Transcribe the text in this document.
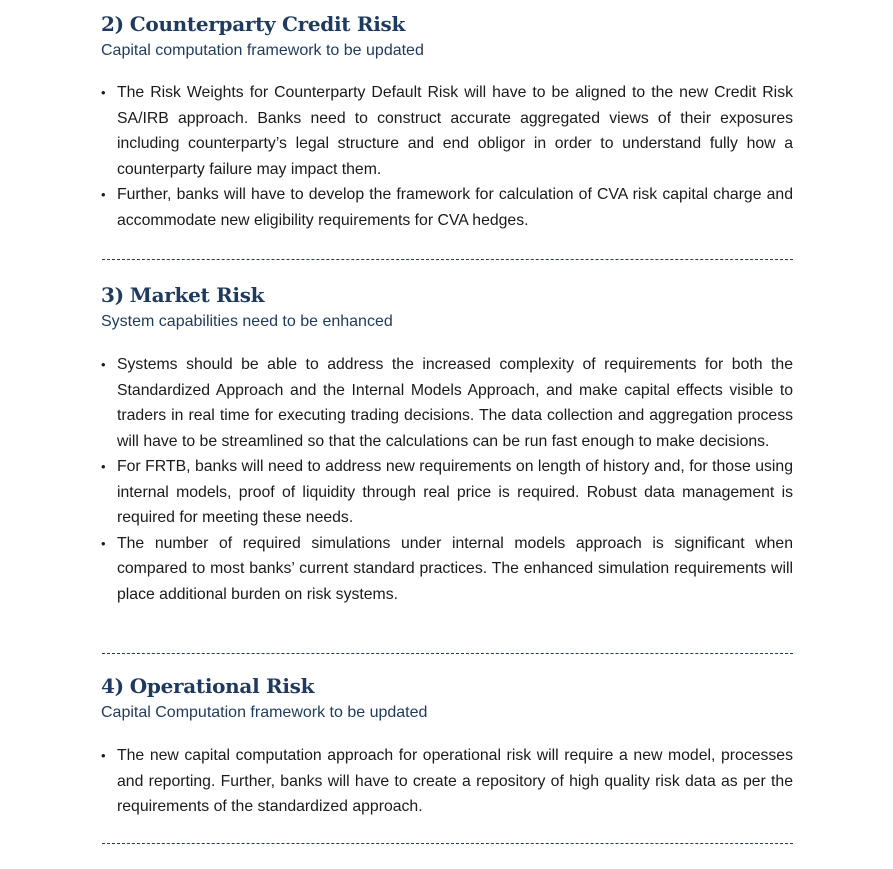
2) Counterparty Credit Risk

Capital computation framework to be updated

• The Risk Weights for Counterparty Default Risk will have to be aligned to the new Credit Risk SA/IRB approach. Banks need to construct accurate aggregated views of their exposures including counterparty’s legal structure and end obligor in order to understand fully how a counterparty failure may impact them.
• Further, banks will have to develop the framework for calculation of CVA risk capital charge and accommodate new eligibility requirements for CVA hedges.
3) Market Risk

System capabilities need to be enhanced

• Systems should be able to address the increased complexity of requirements for both the Standardized Approach and the Internal Models Approach, and make capital effects visible to traders in real time for executing trading decisions. The data collection and aggregation process will have to be streamlined so that the calculations can be run fast enough to make decisions.
• For FRTB, banks will need to address new requirements on length of history and, for those using internal models, proof of liquidity through real price is required. Robust data management is required for meeting these needs.
• The number of required simulations under internal models approach is significant when compared to most banks’ current standard practices. The enhanced simulation requirements will place additional burden on risk systems.
4) Operational Risk

Capital Computation framework to be updated

• The new capital computation approach for operational risk will require a new model, processes and reporting. Further, banks will have to create a repository of high quality risk data as per the requirements of the standardized approach.
